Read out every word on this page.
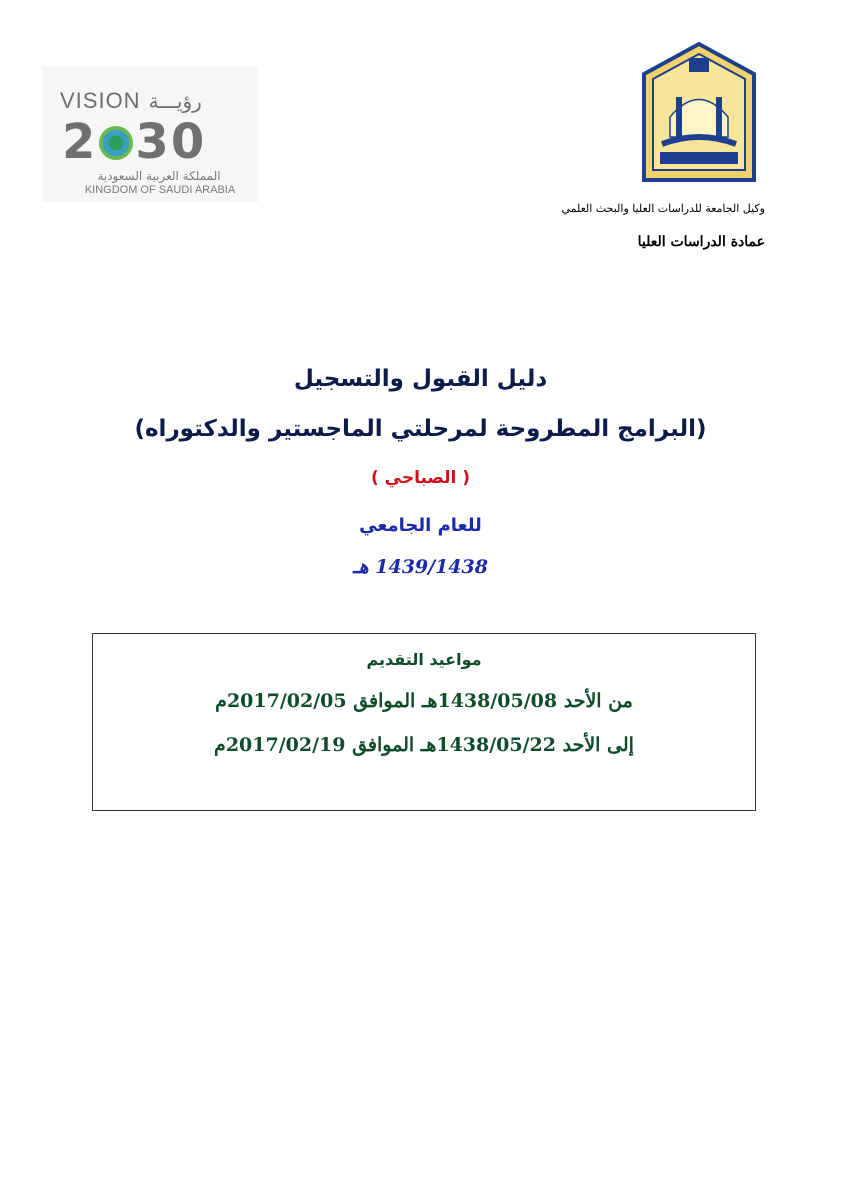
VISION رؤيـــة
2 30
المملكة العربية السعودية
KINGDOM OF SAUDI ARABIA
وكيل الجامعة للدراسات العليا والبحث العلمي
عمادة الدراسات العليا
دليل القبول والتسجيل
(البرامج المطروحة لمرحلتي الماجستير والدكتوراه)
( الصباحي )
للعام الجامعي
1439/1438 هـ
مواعيد التقديم
من الأحد 1438/05/08هـ الموافق 2017/02/05م
إلى الأحد 1438/05/22هـ الموافق 2017/02/19م
